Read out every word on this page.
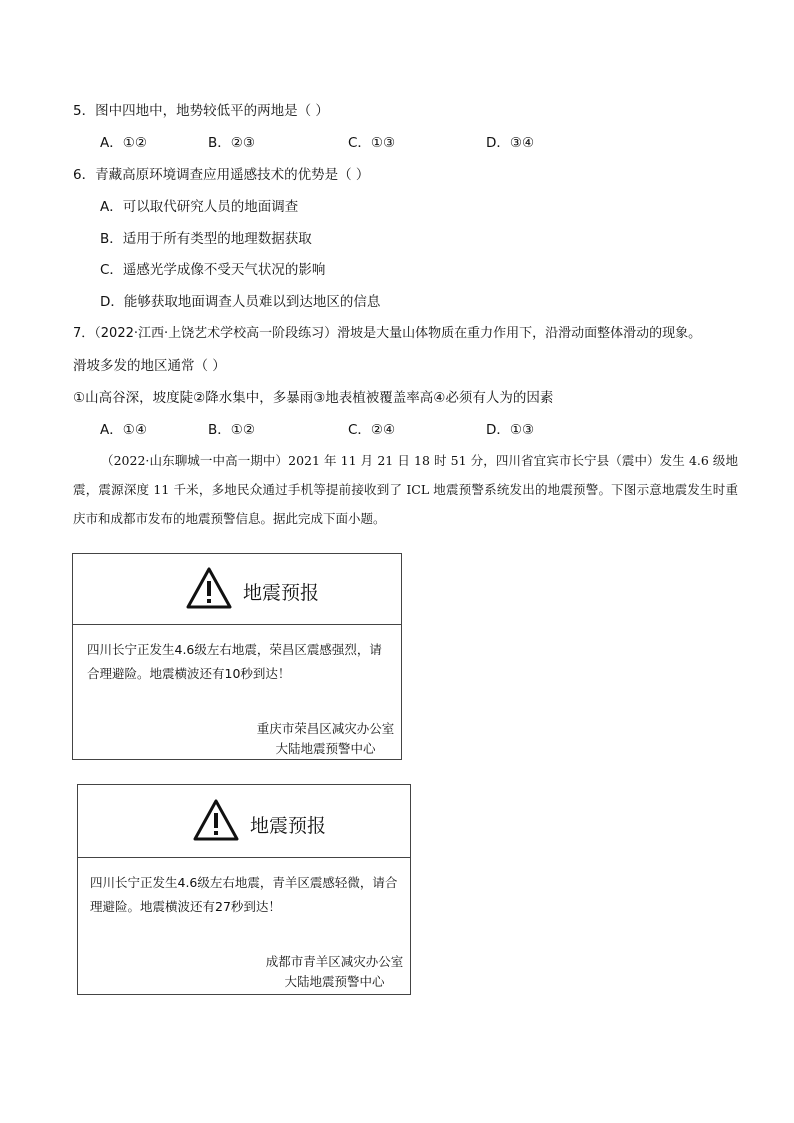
5．图中四地中，地势较低平的两地是（ ）
A．①②	B．②③	C．①③	D．③④
6．青藏高原环境调查应用遥感技术的优势是（ ）
A．可以取代研究人员的地面调查
B．适用于所有类型的地理数据获取
C．遥感光学成像不受天气状况的影响
D．能够获取地面调查人员难以到达地区的信息
7．（2022·江西·上饶艺术学校高一阶段练习）滑坡是大量山体物质在重力作用下，沿滑动面整体滑动的现象。
滑坡多发的地区通常（ ）
①山高谷深，坡度陡②降水集中，多暴雨③地表植被覆盖率高④必须有人为的因素
A．①④	B．①②	C．②④	D．①③
（2022·山东聊城一中高一期中）2021 年 11 月 21 日 18 时 51 分，四川省宜宾市长宁县（震中）发生 4.6 级地震，震源深度 11 千米，多地民众通过手机等提前接收到了 ICL 地震预警系统发出的地震预警。下图示意地震发生时重庆市和成都市发布的地震预警信息。据此完成下面小题。
地震预报
四川长宁正发生4.6级左右地震，荣昌区震感强烈，请合理避险。地震横波还有10秒到达！
重庆市荣昌区减灾办公室
大陆地震预警中心
地震预报
四川长宁正发生4.6级左右地震，青羊区震感轻微，请合理避险。地震横波还有27秒到达！
成都市青羊区减灾办公室
大陆地震预警中心
